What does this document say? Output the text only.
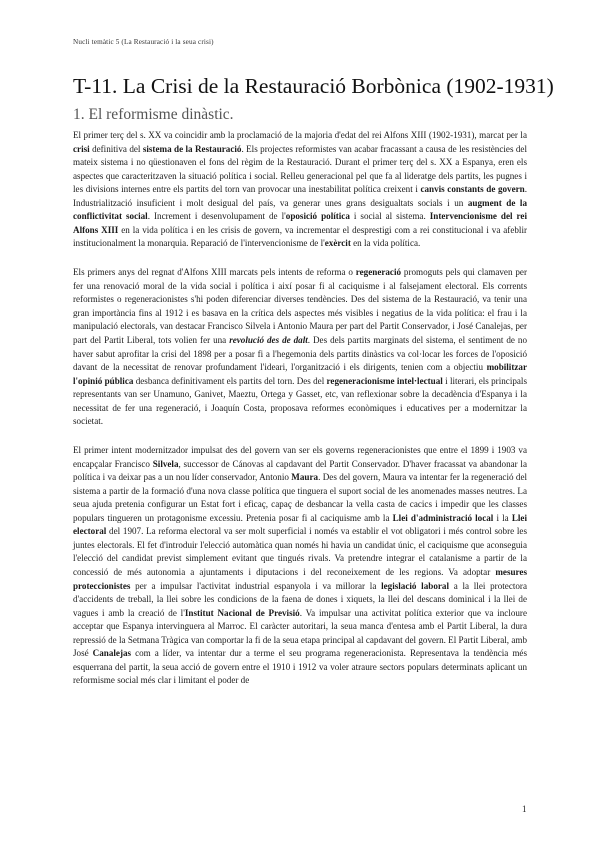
Nucli temàtic 5 (La Restauració i la seua crisi)
T-11. La Crisi de la Restauració Borbònica (1902-1931)
1. El reformisme dinàstic.

El primer terç del s. XX va coincidir amb la proclamació de la majoria d'edat del rei Alfons XIII (1902-1931), marcat per la crisi definitiva del sistema de la Restauració. Els projectes reformistes van acabar fracassant a causa de les resistències del mateix sistema i no qüestionaven el fons del règim de la Restauració. Durant el primer terç del s. XX a Espanya, eren els aspectes que caracteritzaven la situació política i social. Relleu generacional pel que fa al lideratge dels partits, les pugnes i les divisions internes entre els partits del torn van provocar una inestabilitat política creixent i canvis constants de govern. Industrialització insuficient i molt desigual del país, va generar unes grans desigualtats socials i un augment de la conflictivitat social. Increment i desenvolupament de l'oposició política i social al sistema. Intervencionisme del rei Alfons XIII en la vida política i en les crisis de govern, va incrementar el desprestigi com a rei constitucional i va afeblir institucionalment la monarquia. Reparació de l'intervencionisme de l'exèrcit en la vida política.

Els primers anys del regnat d'Alfons XIII marcats pels intents de reforma o regeneració promoguts pels qui clamaven per fer una renovació moral de la vida social i política i així posar fi al caciquisme i al falsejament electoral. Els corrents reformistes o regeneracionistes s'hi poden diferenciar diverses tendències. Des del sistema de la Restauració, va tenir una gran importància fins al 1912 i es basava en la crítica dels aspectes més visibles i negatius de la vida política: el frau i la manipulació electorals, van destacar Francisco Silvela i Antonio Maura per part del Partit Conservador, i José Canalejas, per part del Partit Liberal, tots volien fer una revolució des de dalt. Des dels partits marginats del sistema, el sentiment de no haver sabut aprofitar la crisi del 1898 per a posar fi a l'hegemonia dels partits dinàstics va col·locar les forces de l'oposició davant de la necessitat de renovar profundament l'ideari, l'organització i els dirigents, tenien com a objectiu mobilitzar l'opinió pública desbanca definitivament els partits del torn. Des del regeneracionisme intel·lectual i literari, els principals representants van ser Unamuno, Ganivet, Maeztu, Ortega y Gasset, etc, van reflexionar sobre la decadència d'Espanya i la necessitat de fer una regeneració, i Joaquín Costa, proposava reformes econòmiques i educatives per a modernitzar la societat.

El primer intent modernitzador impulsat des del govern van ser els governs regeneracionistes que entre el 1899 i 1903 va encapçalar Francisco Silvela, successor de Cánovas al capdavant del Partit Conservador. D'haver fracassat va abandonar la política i va deixar pas a un nou líder conservador, Antonio Maura. Des del govern, Maura va intentar fer la regeneració del sistema a partir de la formació d'una nova classe política que tinguera el suport social de les anomenades masses neutres. La seua ajuda pretenia configurar un Estat fort i eficaç, capaç de desbancar la vella casta de cacics i impedir que les classes populars tingueren un protagonisme excessiu. Pretenia posar fi al caciquisme amb la Llei d'administració local i la Llei electoral del 1907. La reforma electoral va ser molt superficial i només va establir el vot obligatori i més control sobre les juntes electorals. El fet d'introduir l'elecció automàtica quan només hi havia un candidat únic, el caciquisme que aconseguia l'elecció del candidat previst simplement evitant que tingués rivals. Va pretendre integrar el catalanisme a partir de la concessió de més autonomia a ajuntaments i diputacions i del reconeixement de les regions. Va adoptar mesures proteccionistes per a impulsar l'activitat industrial espanyola i va millorar la legislació laboral a la llei protectora d'accidents de treball, la llei sobre les condicions de la faena de dones i xiquets, la llei del descans dominical i la llei de vagues i amb la creació de l'Institut Nacional de Previsió. Va impulsar una activitat política exterior que va incloure acceptar que Espanya intervinguera al Marroc. El caràcter autoritari, la seua manca d'entesa amb el Partit Liberal, la dura repressió de la Setmana Tràgica van comportar la fi de la seua etapa principal al capdavant del govern. El Partit Liberal, amb José Canalejas com a líder, va intentar dur a terme el seu programa regeneracionista. Representava la tendència més esquerrana del partit, la seua acció de govern entre el 1910 i 1912 va voler atraure sectors populars determinats aplicant un reformisme social més clar i limitant el poder de

1
